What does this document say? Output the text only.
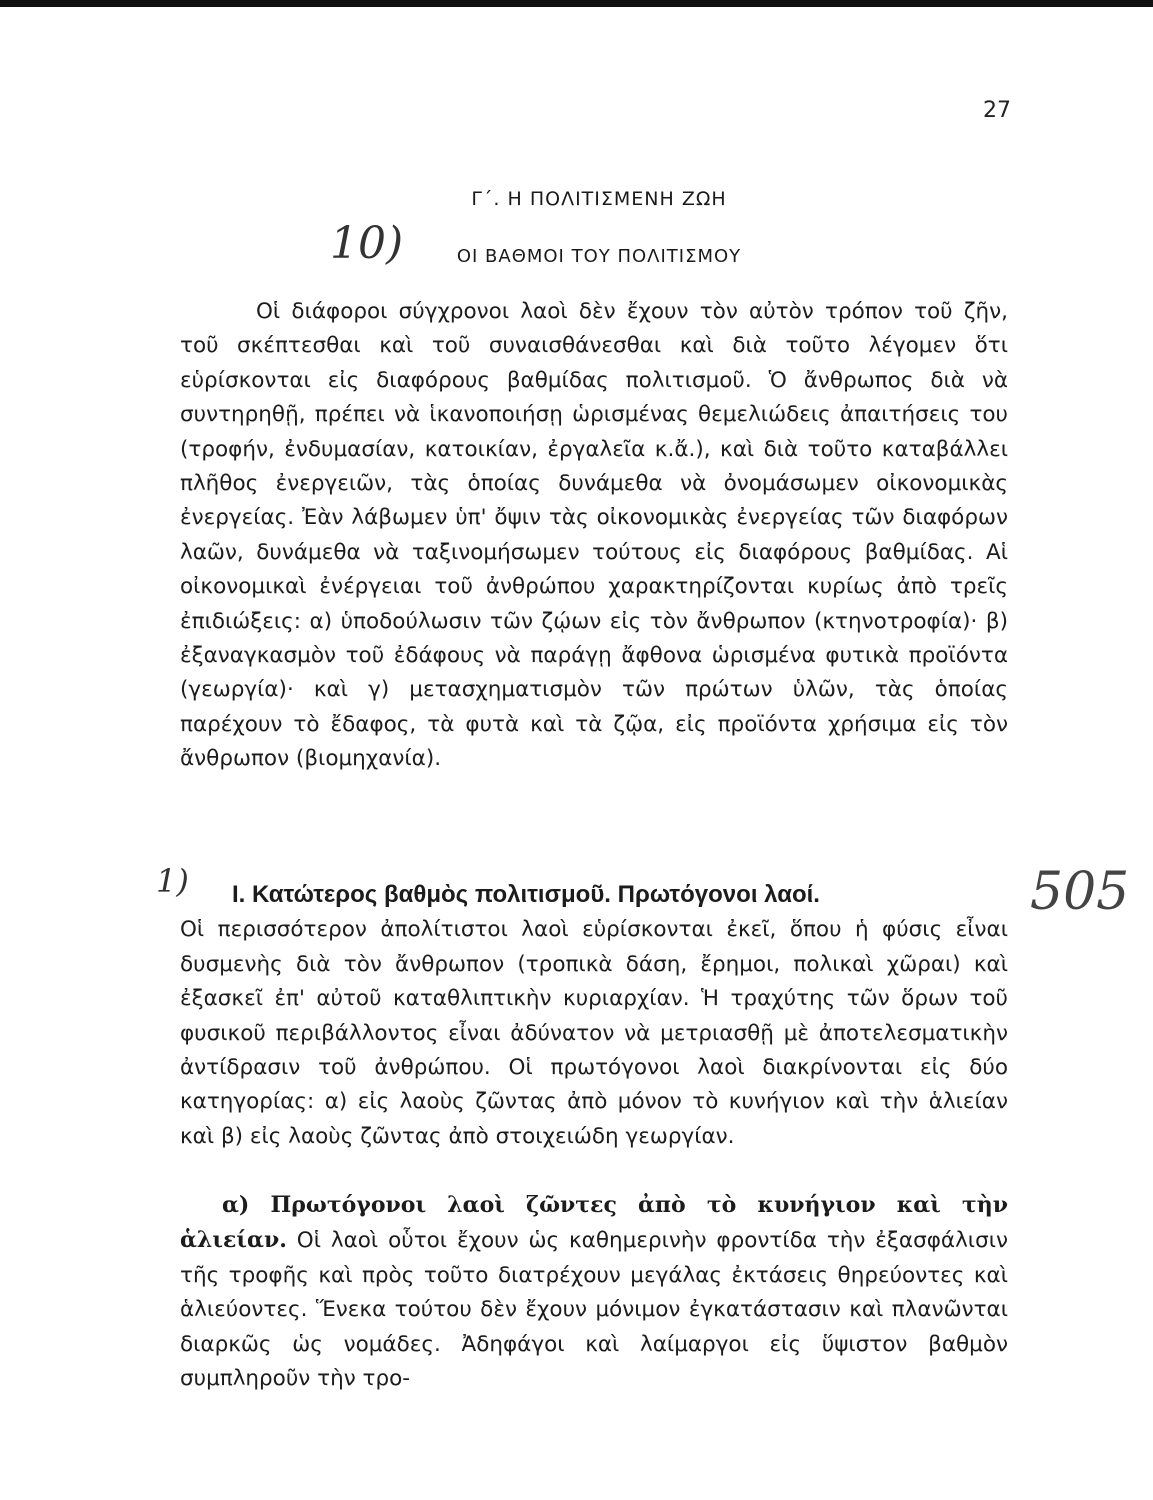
27
Γ΄. Η ΠΟΛΙΤΙΣΜΕΝΗ ΖΩΗ
10)	ΟΙ ΒΑΘΜΟΙ ΤΟΥ ΠΟΛΙΤΙΣΜΟΥ
Οἱ διάφοροι σύγχρονοι λαοὶ δὲν ἔχουν τὸν αὐτὸν τρόπον τοῦ ζῆν, τοῦ σκέπτεσθαι καὶ τοῦ συναισθάνεσθαι καὶ διὰ τοῦτο λέγομεν ὅτι εὑρίσκονται εἰς διαφόρους βαθμίδας πολιτισμοῦ. Ὁ ἄνθρωπος διὰ νὰ συντηρηθῇ, πρέπει νὰ ἱκανοποιήσῃ ὡρισμένας θεμελιώδεις ἀπαιτήσεις του (τροφήν, ἐνδυμασίαν, κατοικίαν, ἐργαλεῖα κ.ἄ.), καὶ διὰ τοῦτο καταβάλλει πλῆθος ἐνεργειῶν, τὰς ὁποίας δυνάμεθα νὰ ὀνομάσωμεν οἰκονομικὰς ἐνεργείας. Ἐὰν λάβωμεν ὑπ' ὄψιν τὰς οἰκονομικὰς ἐνεργείας τῶν διαφόρων λαῶν, δυνάμεθα νὰ ταξινομήσωμεν τούτους εἰς διαφόρους βαθμίδας. Αἱ οἰκονομικαὶ ἐνέργειαι τοῦ ἀνθρώπου χαρακτηρίζονται κυρίως ἀπὸ τρεῖς ἐπιδιώξεις: α) ὑποδούλωσιν τῶν ζῴων εἰς τὸν ἄνθρωπον (κτηνοτροφία)· β) ἐξαναγκασμὸν τοῦ ἐδάφους νὰ παράγῃ ἄφθονα ὡρισμένα φυτικὰ προϊόντα (γεωργία)· καὶ γ) μετασχηματισμὸν τῶν πρώτων ὑλῶν, τὰς ὁποίας παρέχουν τὸ ἔδαφος, τὰ φυτὰ καὶ τὰ ζῷα, εἰς προϊόντα χρήσιμα εἰς τὸν ἄνθρωπον (βιομηχανία).
1)	505
I. Κατώτερος βαθμὸς πολιτισμοῦ. Πρωτόγονοι λαοί.
Οἱ περισσότερον ἀπολίτιστοι λαοὶ εὑρίσκονται ἐκεῖ, ὅπου ἡ φύσις εἶναι δυσμενὴς διὰ τὸν ἄνθρωπον (τροπικὰ δάση, ἔρημοι, πολικαὶ χῶραι) καὶ ἐξασκεῖ ἐπ' αὐτοῦ καταθλιπτικὴν κυριαρχίαν. Ἡ τραχύτης τῶν ὅρων τοῦ φυσικοῦ περιβάλλοντος εἶναι ἀδύνατον νὰ μετριασθῇ μὲ ἀποτελεσματικὴν ἀντίδρασιν τοῦ ἀνθρώπου. Οἱ πρωτόγονοι λαοὶ διακρίνονται εἰς δύο κατηγορίας: α) εἰς λαοὺς ζῶντας ἀπὸ μόνον τὸ κυνήγιον καὶ τὴν ἁλιείαν καὶ β) εἰς λαοὺς ζῶντας ἀπὸ στοιχειώδη γεωργίαν.
α) Πρωτόγονοι λαοὶ ζῶντες ἀπὸ τὸ κυνήγιον καὶ τὴν ἁλιείαν. Οἱ λαοὶ οὗτοι ἔχουν ὡς καθημερινὴν φροντίδα τὴν ἐξασφάλισιν τῆς τροφῆς καὶ πρὸς τοῦτο διατρέχουν μεγάλας ἐκτάσεις θηρεύοντες καὶ ἁλιεύοντες. Ἕνεκα τούτου δὲν ἔχουν μόνιμον ἐγκατάστασιν καὶ πλανῶνται διαρκῶς ὡς νομάδες. Ἀδηφάγοι καὶ λαίμαργοι εἰς ὕψιστον βαθμὸν συμπληροῦν τὴν τρο-
